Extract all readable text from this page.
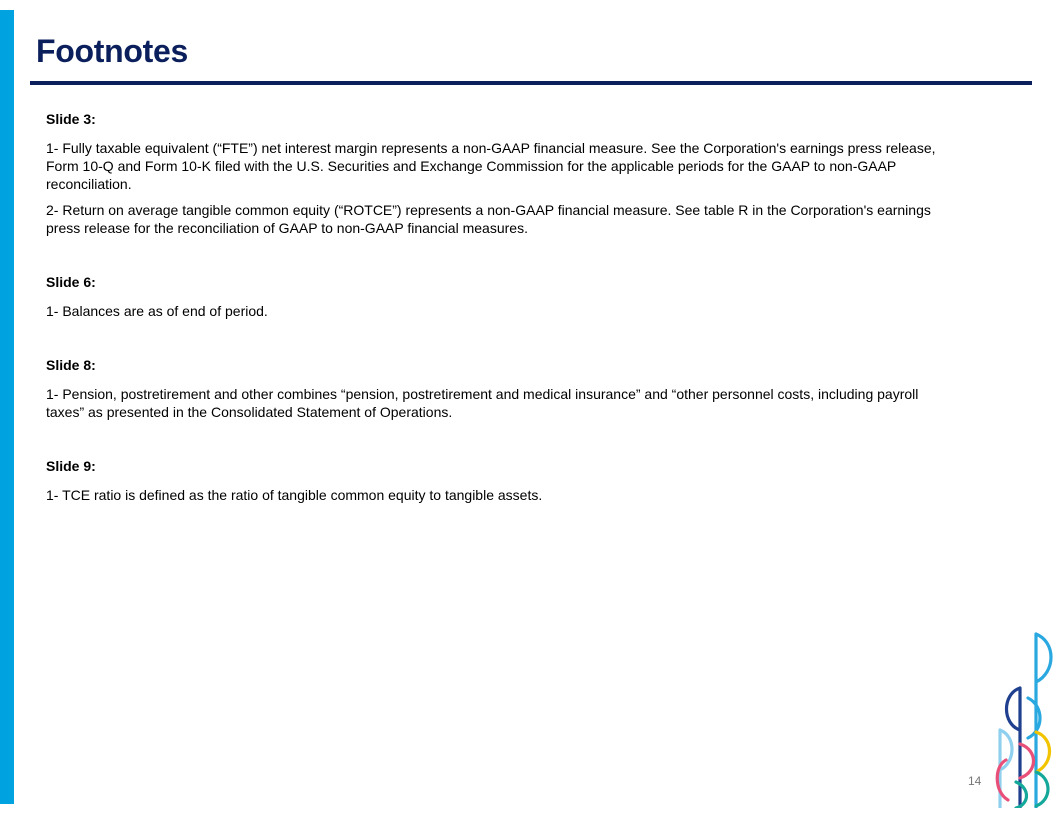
Footnotes
Slide 3:

1- Fully taxable equivalent (“FTE”) net interest margin represents a non-GAAP financial measure. See the Corporation's earnings press release, Form 10-Q and Form 10-K filed with the U.S. Securities and Exchange Commission for the applicable periods for the GAAP to non-GAAP reconciliation.

2- Return on average tangible common equity (“ROTCE”) represents a non-GAAP financial measure. See table R in the Corporation's earnings press release for the reconciliation of GAAP to non-GAAP financial measures.

Slide 6:

1- Balances are as of end of period.

Slide 8:

1- Pension, postretirement and other combines “pension, postretirement and medical insurance” and “other personnel costs, including payroll taxes” as presented in the Consolidated Statement of Operations.

Slide 9:

1- TCE ratio is defined as the ratio of tangible common equity to tangible assets.

14
